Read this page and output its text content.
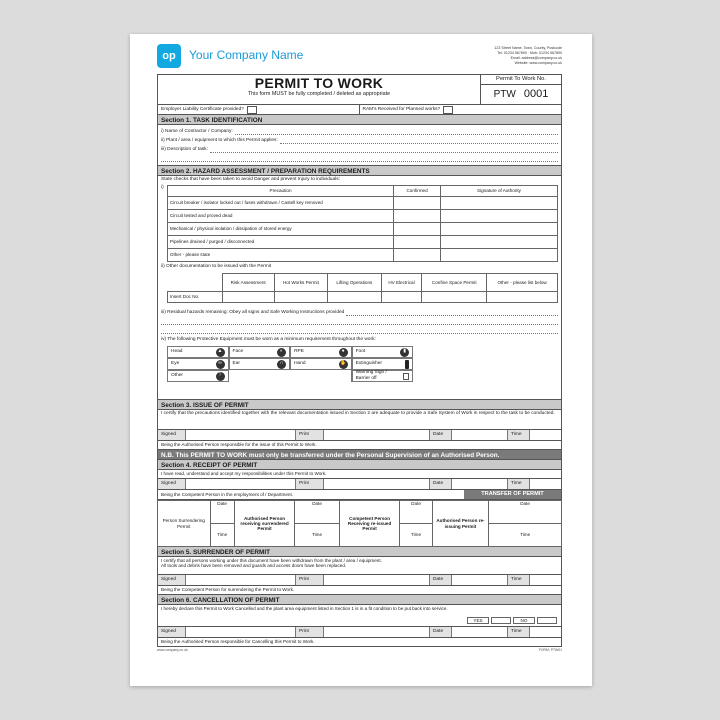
op	Your Company Name
123 Street Name, Town, County, Postcode
Tel: 01234 567890 · Mob: 01234 567890
Email: address@company.co.uk
Website: www.company.co.uk
PERMIT TO WORK
This form MUST be fully completed / deleted as appropriate
Permit To Work No.
PTW 0001
Employer Liability Certificate provided?	RAM's Received for Planned works?
Section 1. TASK IDENTIFICATION
i) Name of Contractor / Company:
ii) Plant / area / equipment to which this Permit applies:
iii) Description of task:
Section 2. HAZARD ASSESSMENT / PREPARATION REQUIREMENTS
State checks that have been taken to avoid Danger and prevent Injury to individuals:
i)
Precaution	Confirmed	Signature of Authority
Circuit breaker / isolator locked out / fuses withdrawn / Castell key removed		
Circuit tested and proved dead		
Mechanical / physical isolation / dissipation of stored energy		
Pipelines drained / purged / disconnected		
Other - please state		
ii) Other documentation to be issued with the Permit
	Risk Assessment	Hot Works Permit	Lifting Operations	HV Electrical	Confine Space Permit	Other - please list below
Insert Doc No.						
iii) Residual hazards remaining: Obey all signs and Safe Working Instructions provided
iv) The following Protective Equipment must be worn as a minimum requirement throughout the work:
Head	▲	Face	◐	RPE	●	Foot	▮
Eye	∞	Ear	∩	Hand	✋ Extinguisher
Other	!	Warning Sign / Barrier off
Section 3. ISSUE OF PERMIT
I certify that the precautions identified together with the relevant documentation issued in Section 2 are adequate to provide a Safe System of Work in respect to the task to be conducted.
Signed	Print	Date	Time
Being the Authorised Person responsible for the issue of this Permit to Work.
N.B. This PERMIT TO WORK must only be transferred under the Personal Supervision of an Authorised Person.
Section 4. RECEIPT OF PERMIT
I have read, understand and accept my responsibilities under this Permit to Work.
Signed	Print	Date	Time
Being the Competent Person in the employment of / Department.	TRANSFER OF PERMIT
Person Surrendering Permit	Date	Authorised Person receiving surrendered Permit	Date	Competent Person Receiving re-issued Permit	Date	Authorised Person re-issuing Permit	Date
	Time		Time		Time		Time
Section 5. SURRENDER OF PERMIT
I certify that all persons working under this document have been withdrawn from the plant / area / equipment.
All tools and debris have been removed and guards and access doors have been replaced.
Signed	Print	Date	Time
Being the Competent Person for surrendering the Permit to Work.
Section 6. CANCELLATION OF PERMIT
I hereby declare this Permit to Work Cancelled and the plant area equipment listed in Section 1 is in a fit condition to be put back into service.
YES	NO
Signed	Print	Date	Time
Being the Authorised Person responsible for Cancelling this Permit to Work.
www.company.co.uk	FORM: PTW01
